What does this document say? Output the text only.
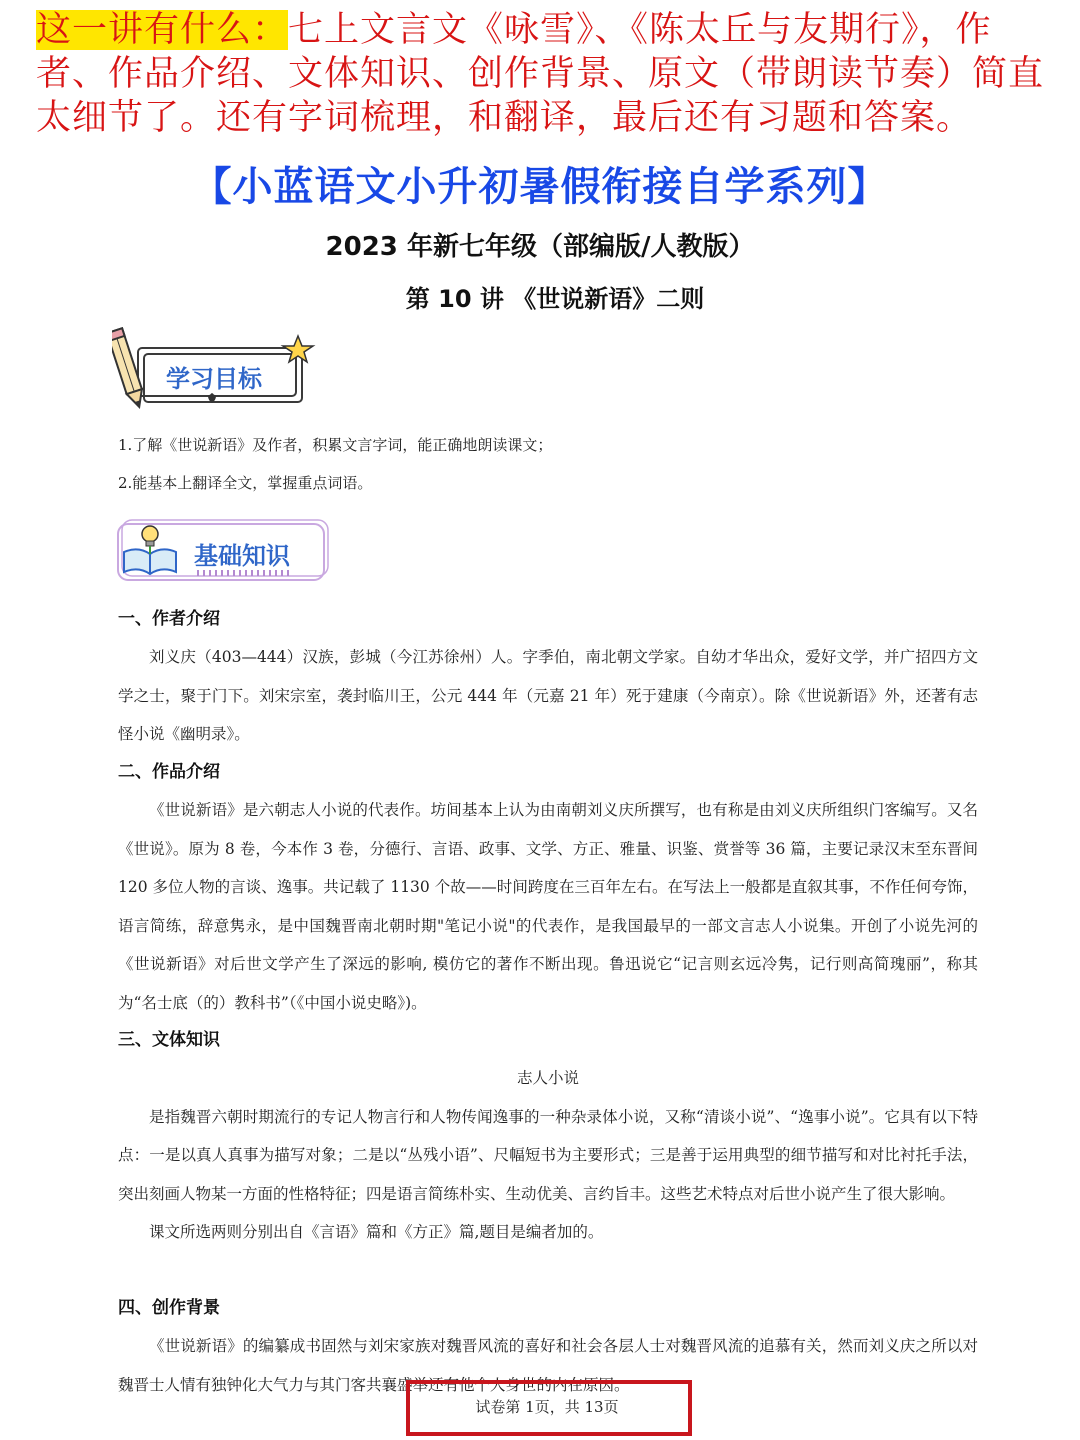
这一讲有什么：七上文言文《咏雪》、《陈太丘与友期行》，作者、作品介绍、文体知识、创作背景、原文（带朗读节奏）简直太细节了。还有字词梳理，和翻译，最后还有习题和答案。
【小蓝语文小升初暑假衔接自学系列】
2023 年新七年级（部编版/人教版）
第 10 讲 《世说新语》二则
学习目标
1.了解《世说新语》及作者，积累文言字词，能正确地朗读课文；
2.能基本上翻译全文，掌握重点词语。
基础知识
一、作者介绍

刘义庆（403—444）汉族，彭城（今江苏徐州）人。字季伯，南北朝文学家。自幼才华出众，爱好文学，并广招四方文学之士，聚于门下。刘宋宗室，袭封临川王，公元 444 年（元嘉 21 年）死于建康（今南京）。除《世说新语》外，还著有志怪小说《幽明录》。

二、作品介绍

《世说新语》是六朝志人小说的代表作。坊间基本上认为由南朝刘义庆所撰写，也有称是由刘义庆所组织门客编写。又名《世说》。原为 8 卷，今本作 3 卷，分德行、言语、政事、文学、方正、雅量、识鉴、赏誉等 36 篇，主要记录汉末至东晋间 120 多位人物的言谈、逸事。共记载了 1130 个故——时间跨度在三百年左右。在写法上一般都是直叙其事，不作任何夸饰，语言简练，辞意隽永，是中国魏晋南北朝时期"笔记小说"的代表作，是我国最早的一部文言志人小说集。开创了小说先河的《世说新语》对后世文学产生了深远的影响, 模仿它的著作不断出现。鲁迅说它“记言则玄远冷隽，记行则高简瑰丽”，称其为“名士底（的）教科书”（《中国小说史略》)。

三、文体知识

志人小说

是指魏晋六朝时期流行的专记人物言行和人物传闻逸事的一种杂录体小说，又称“清谈小说”、“逸事小说”。它具有以下特点：一是以真人真事为描写对象；二是以“丛残小语”、尺幅短书为主要形式；三是善于运用典型的细节描写和对比衬托手法，突出刻画人物某一方面的性格特征；四是语言简练朴实、生动优美、言约旨丰。这些艺术特点对后世小说产生了很大影响。

课文所选两则分别出自《言语》篇和《方正》篇,题目是编者加的。

四、创作背景

《世说新语》的编纂成书固然与刘宋家族对魏晋风流的喜好和社会各层人士对魏晋风流的追慕有关，然而刘义庆之所以对魏晋士人情有独钟化大气力与其门客共襄盛举还有他个人身世的内在原因。

试卷第 1页，共 13页
